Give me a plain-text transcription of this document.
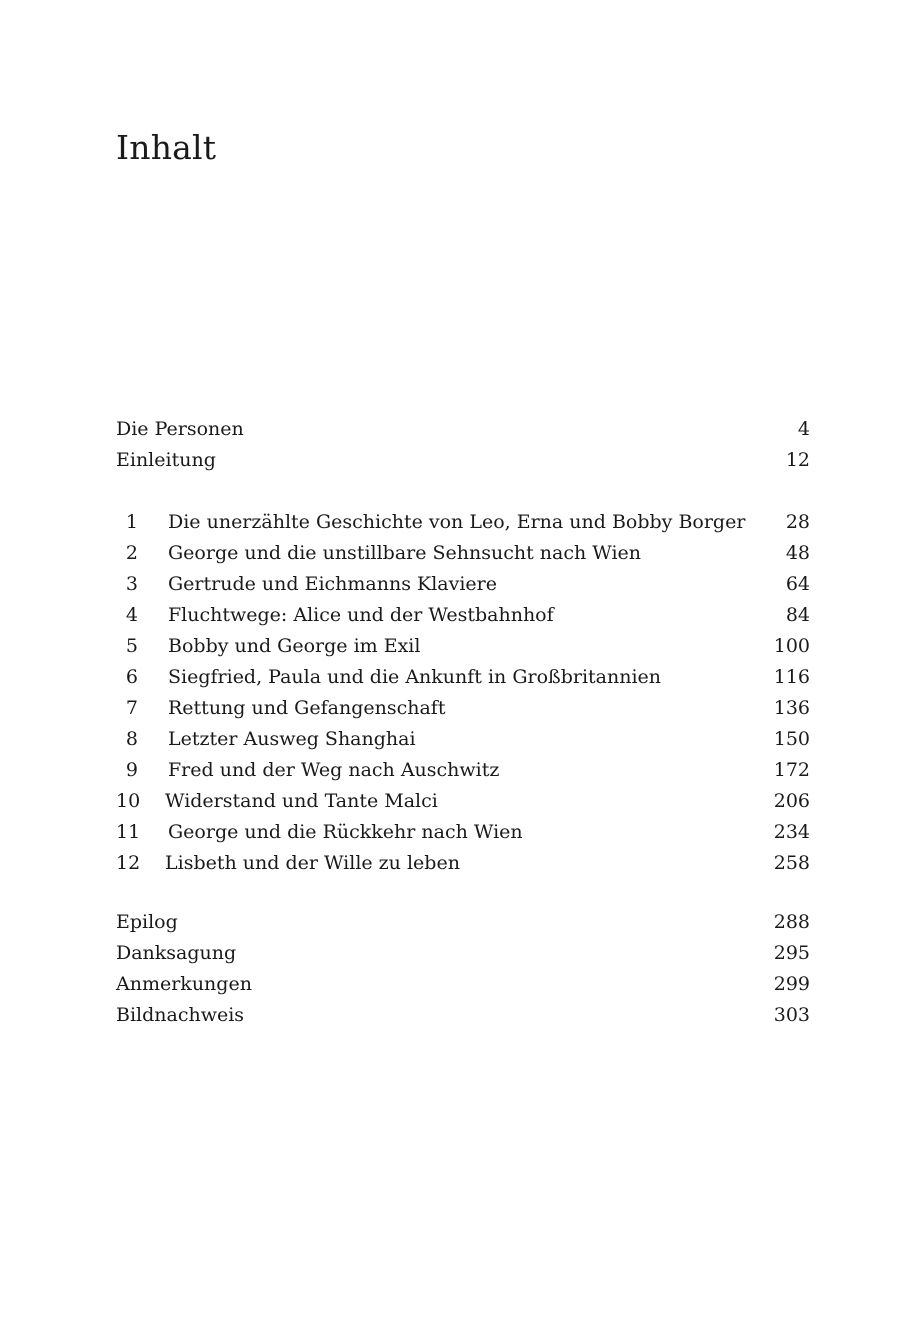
Inhalt
Die Personen	4
Einleitung	12
1 Die unerzählte Geschichte von Leo, Erna und Bobby Borger 28
2 George und die unstillbare Sehnsucht nach Wien	48
3 Gertrude und Eichmanns Klaviere	64
4 Fluchtwege: Alice und der Westbahnhof	84
5 Bobby und George im Exil	100
6 Siegfried, Paula und die Ankunft in Großbritannien	116
7 Rettung und Gefangenschaft	136
8 Letzter Ausweg Shanghai	150
9 Fred und der Weg nach Auschwitz	172
10 Widerstand und Tante Malci	206
11 George und die Rückkehr nach Wien	234
12 Lisbeth und der Wille zu leben	258
Epilog	288
Danksagung	295
Anmerkungen	299
Bildnachweis	303
